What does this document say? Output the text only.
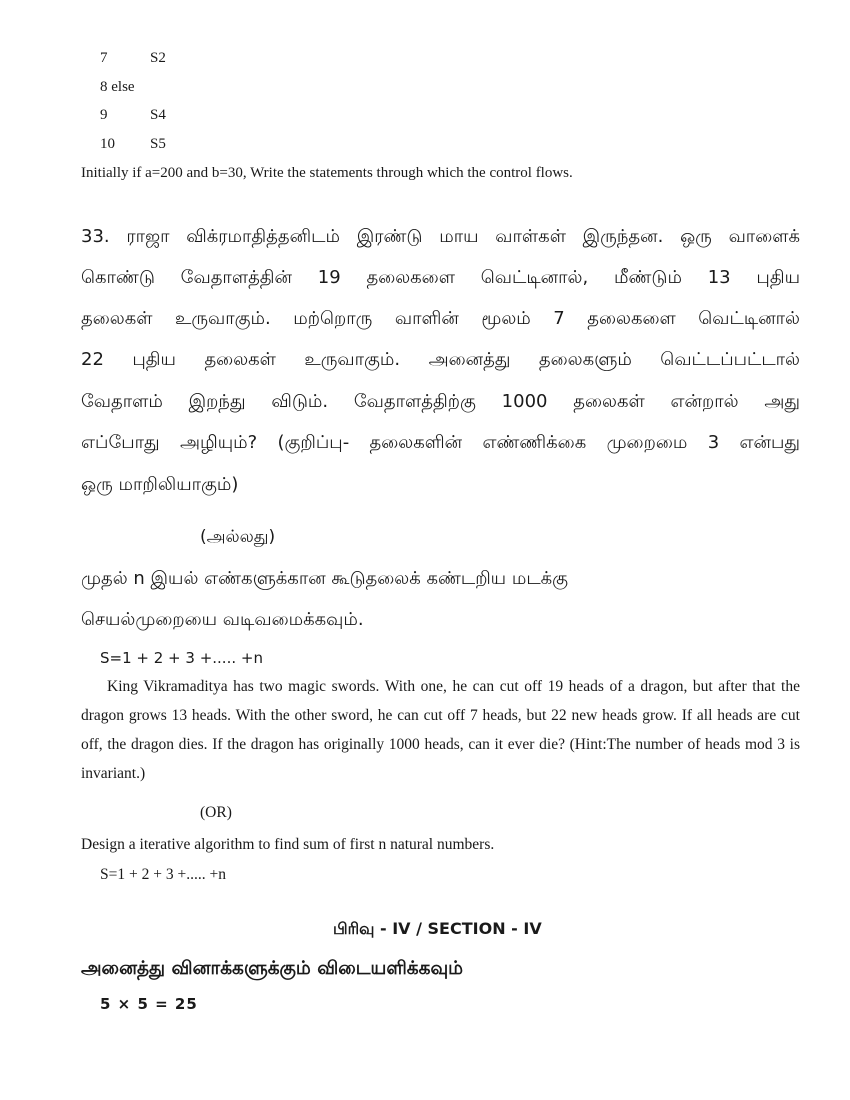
7	S2
8 else
9	S4
10 S5
Initially if a=200 and b=30, Write the statements through which the control flows.
33. ராஜா விக்ரமாதித்தனிடம் இரண்டு மாய வாள்கள் இருந்தன. ஒரு வாளைக்
கொண்டு வேதாளத்தின் 19 தலைகளை வெட்டினால், மீண்டும் 13 புதிய
தலைகள் உருவாகும். மற்றொரு வாளின் மூலம் 7 தலைகளை வெட்டினால்
22 புதிய தலைகள் உருவாகும். அனைத்து தலைகளும் வெட்டப்பட்டால்
வேதாளம் இறந்து விடும். வேதாளத்திற்கு 1000 தலைகள் என்றால் அது
எப்போது அழியும்? (குறிப்பு- தலைகளின் எண்ணிக்கை முறைமை 3 என்பது
ஒரு மாறிலியாகும்)
(அல்லது)
முதல் n இயல் எண்களுக்கான கூடுதலைக் கண்டறிய மடக்கு
செயல்முறையை வடிவமைக்கவும்.
S=1 + 2 + 3 +..... +n
King Vikramaditya has two magic swords. With one, he can cut off 19 heads of a dragon, but after that the dragon grows 13 heads. With the other sword, he can cut off 7 heads, but 22 new heads grow. If all heads are cut off, the dragon dies. If the dragon has originally 1000 heads, can it ever die? (Hint:The number of heads mod 3 is invariant.)
(OR)
Design a iterative algorithm to find sum of first n natural numbers.
S=1 + 2 + 3 +..... +n
பிரிவு - IV / SECTION - IV
அனைத்து வினாக்களுக்கும் விடையளிக்கவும்
5 × 5 = 25
